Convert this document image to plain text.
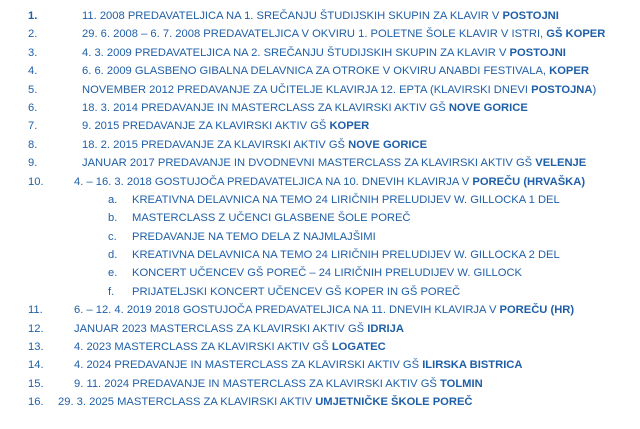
1.	11. 2008 PREDAVATELJICA NA 1. SREČANJU ŠTUDIJSKIH SKUPIN ZA KLAVIR V POSTOJNI
2.	29. 6. 2008 – 6. 7. 2008 PREDAVATELJICA V OKVIRU 1. POLETNE ŠOLE KLAVIR V ISTRI, GŠ KOPER
3.	4. 3. 2009 PREDAVATELJICA NA 2. SREČANJU ŠTUDIJSKIH SKUPIN ZA KLAVIR V POSTOJNI
4.	6. 6. 2009 GLASBENO GIBALNA DELAVNICA ZA OTROKE V OKVIRU ANABDI FESTIVALA, KOPER
5.	NOVEMBER 2012 PREDAVANJE ZA UČITELJE KLAVIRJA 12. EPTA (KLAVIRSKI DNEVI POSTOJNA)
6.	18. 3. 2014 PREDAVANJE IN MASTERCLASS ZA KLAVIRSKI AKTIV GŠ NOVE GORICE
7.	9. 2015 PREDAVANJE ZA KLAVIRSKI AKTIV GŠ KOPER
8.	18. 2. 2015 PREDAVANJE ZA KLAVIRSKI AKTIV GŠ NOVE GORICE
9.	JANUAR 2017 PREDAVANJE IN DVODNEVNI MASTERCLASS ZA KLAVIRSKI AKTIV GŠ VELENJE
10.	4. – 16. 3. 2018 GOSTUJOČA PREDAVATELJICA NA 10. DNEVIH KLAVIRJA V POREČU (HRVAŠKA)
a.	KREATIVNA DELAVNICA NA TEMO 24 LIRIČNIH PRELUDIJEV W. GILLOCKA 1 DEL
b.	MASTERCLASS Z UČENCI GLASBENE ŠOLE POREČ
c.	PREDAVANJE NA TEMO DELA Z NAJMLAJŠIMI
d.	KREATIVNA DELAVNICA NA TEMO 24 LIRIČNIH PRELUDIJEV W. GILLOCKA 2 DEL
e.	KONCERT UČENCEV GŠ POREČ – 24 LIRIČNIH PRELUDIJEV W. GILLOCK
f.	PRIJATELJSKI KONCERT UČENCEV GŠ KOPER IN GŠ POREČ
11.	6. – 12. 4. 2019 2018 GOSTUJOČA PREDAVATELJICA NA 11. DNEVIH KLAVIRJA V POREČU (HR)
12.	JANUAR 2023 MASTERCLASS ZA KLAVIRSKI AKTIV GŠ IDRIJA
13.	4. 2023 MASTERCLASS ZA KLAVIRSKI AKTIV GŠ LOGATEC
14.	4. 2024 PREDAVANJE IN MASTERCLASS ZA KLAVIRSKI AKTIV GŠ ILIRSKA BISTRICA
15.	9. 11. 2024 PREDAVANJE IN MASTERCLASS ZA KLAVIRSKI AKTIV GŠ TOLMIN
16.	29. 3. 2025 MASTERCLASS ZA KLAVIRSKI AKTIV UMJETNIČKE ŠKOLE POREČ
